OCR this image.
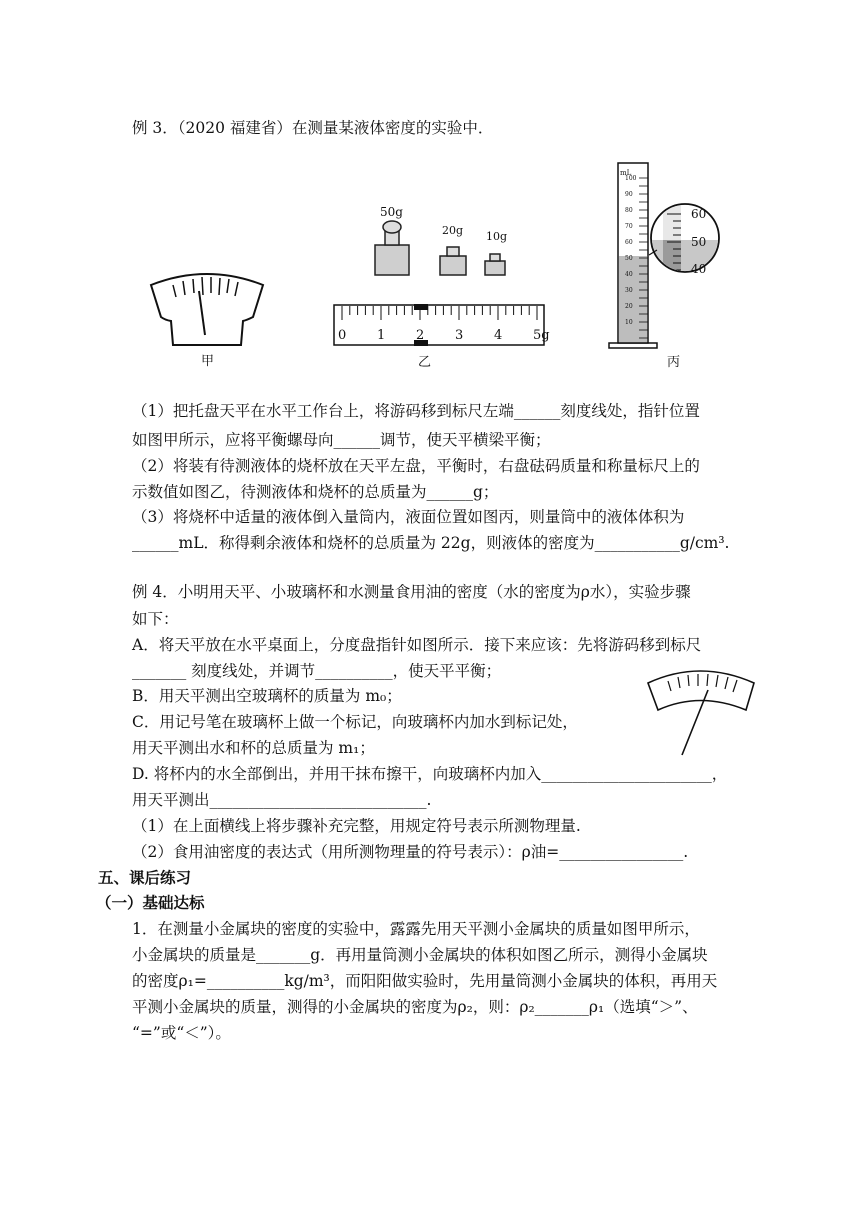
例 3．（2020 福建省）在测量某液体密度的实验中．
甲
50g
20g 10g
0 1 2 3 4 5g
乙
mL
100
90
80
70
60
50
40
30
20
10
60
50
40
丙
（1）把托盘天平在水平工作台上，将游码移到标尺左端______刻度线处，指针位置
如图甲所示，应将平衡螺母向______调节，使天平横梁平衡；
（2）将装有待测液体的烧杯放在天平左盘，平衡时，右盘砝码质量和称量标尺上的
示数值如图乙，待测液体和烧杯的总质量为______g；
（3）将烧杯中适量的液体倒入量筒内，液面位置如图丙，则量筒中的液体体积为
______mL．称得剩余液体和烧杯的总质量为 22g，则液体的密度为___________g/cm³.
例 4．小明用天平、小玻璃杯和水测量食用油的密度（水的密度为ρ水），实验步骤
如下：
A．将天平放在水平桌面上，分度盘指针如图所示．接下来应该：先将游码移到标尺
_______ 刻度线处，并调节__________，使天平平衡；
B．用天平测出空玻璃杯的质量为 m₀；
C．用记号笔在玻璃杯上做一个标记，向玻璃杯内加水到标记处，
用天平测出水和杯的总质量为 m₁；
D. 将杯内的水全部倒出，并用干抹布擦干，向玻璃杯内加入______________________，
用天平测出____________________________.
（1）在上面横线上将步骤补充完整，用规定符号表示所测物理量.
（2）食用油密度的表达式（用所测物理量的符号表示）：ρ油=________________.
五、课后练习
（一）基础达标
1．在测量小金属块的密度的实验中，露露先用天平测小金属块的质量如图甲所示，
小金属块的质量是_______g．再用量筒测小金属块的体积如图乙所示，测得小金属块
的密度ρ₁=__________kg/m³，而阳阳做实验时，先用量筒测小金属块的体积，再用天
平测小金属块的质量，测得的小金属块的密度为ρ₂，则：ρ₂_______ρ₁（选填“＞”、
“=”或“＜”）。
